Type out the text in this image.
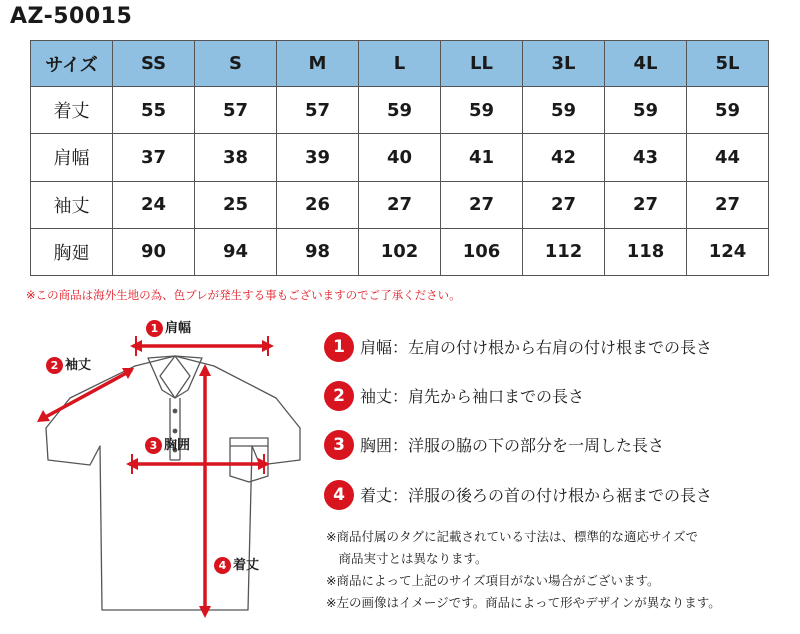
AZ-50015
サイズ	SS	S	M	L	LL	3L	4L	5L
着丈	55	57	57	59	59	59	59	59
肩幅	37	38	39	40	41	42	43	44
袖丈	24	25	26	27	27	27	27	27
胸廻	90	94	98	102	106	112	118	124
※この商品は海外生地の為、色ブレが発生する事もございますのでご了承ください。
1 肩幅
2 袖丈
3 胸囲
4 着丈
1 肩幅：左肩の付け根から右肩の付け根までの長さ
2 袖丈：肩先から袖口までの長さ
3 胸囲：洋服の脇の下の部分を一周した長さ
4 着丈：洋服の後ろの首の付け根から裾までの長さ
※商品付属のタグに記載されている寸法は、標準的な適応サイズで
　商品実寸とは異なります。
※商品によって上記のサイズ項目がない場合がございます。
※左の画像はイメージです。商品によって形やデザインが異なります。
